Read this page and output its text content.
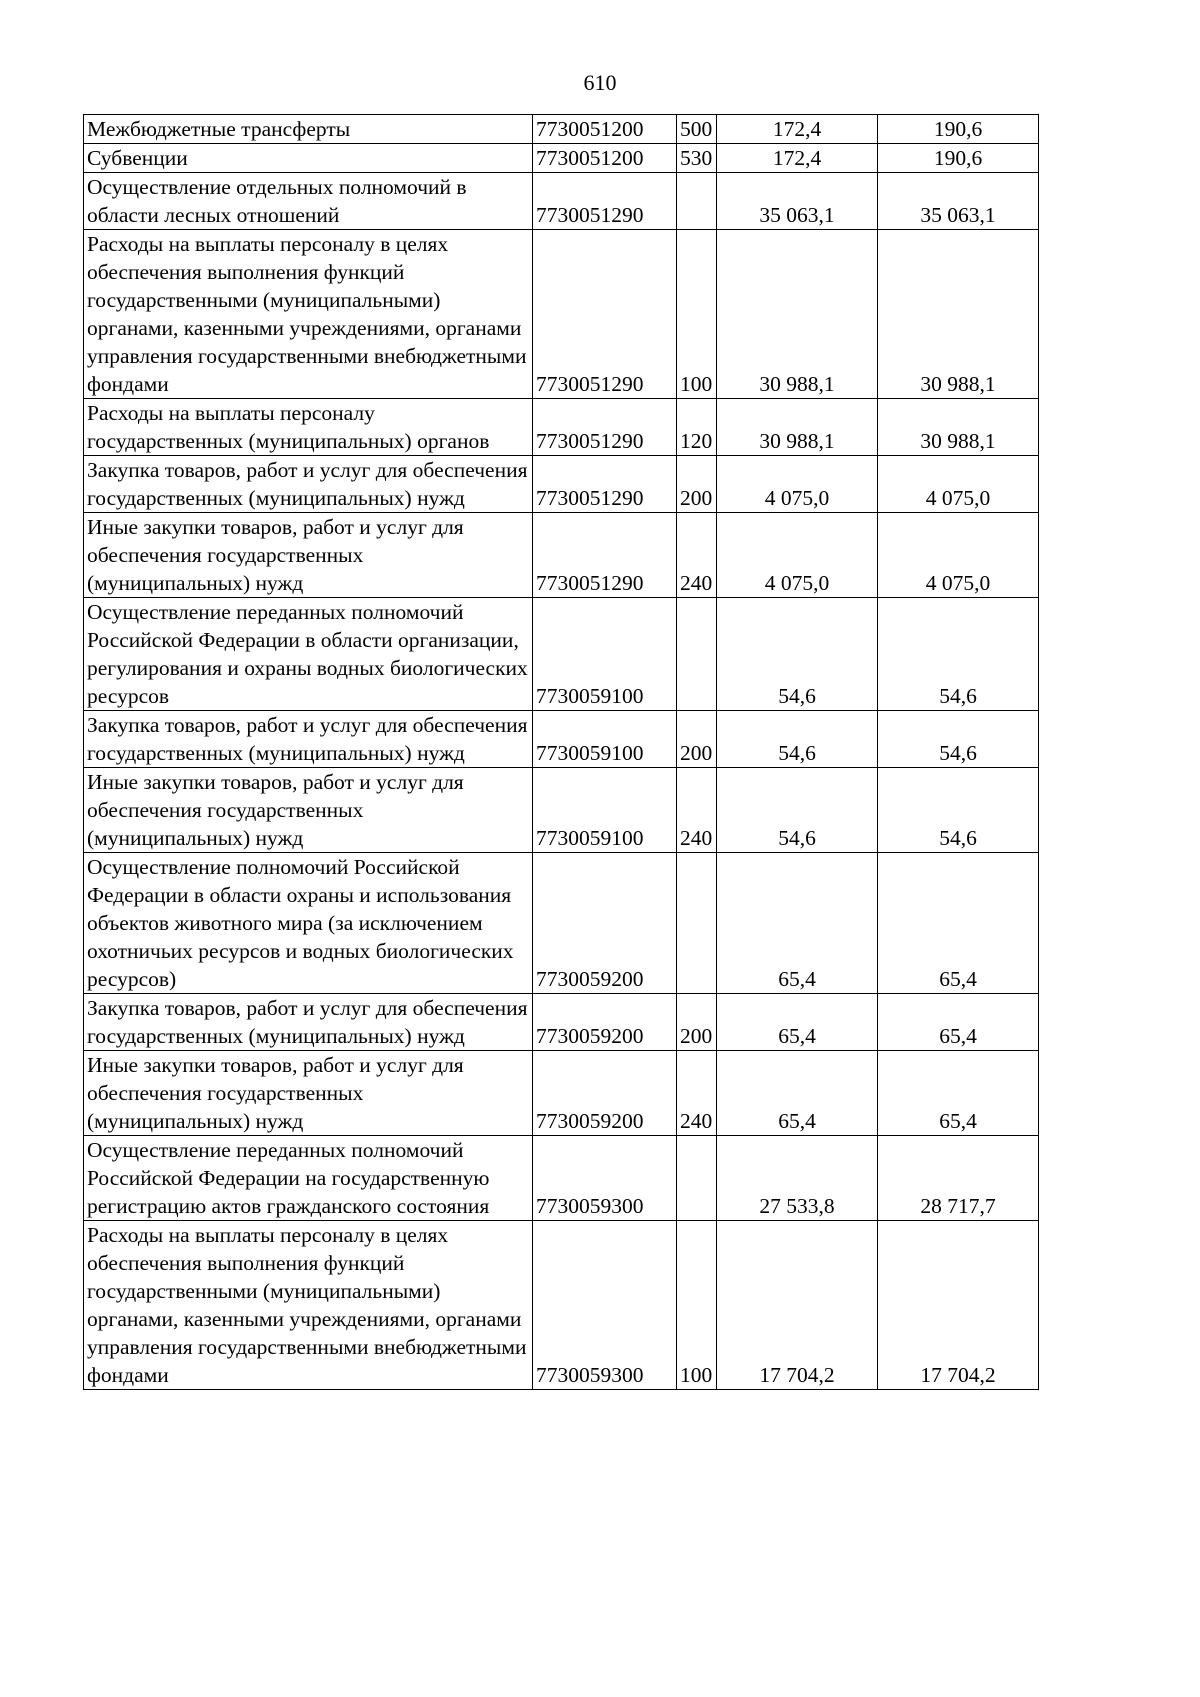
610
Межбюджетные трансферты	7730051200	500	172,4	190,6
Субвенции	7730051200	530	172,4	190,6
Осуществление отдельных полномочий в области лесных отношений	7730051290		35 063,1	35 063,1
Расходы на выплаты персоналу в целях обеспечения выполнения функций государственными (муниципальными) органами, казенными учреждениями, органами управления государственными внебюджетными фондами	7730051290	100	30 988,1	30 988,1
Расходы на выплаты персоналу государственных (муниципальных) органов	7730051290	120	30 988,1	30 988,1
Закупка товаров, работ и услуг для обеспечения государственных (муниципальных) нужд	7730051290	200	4 075,0	4 075,0
Иные закупки товаров, работ и услуг для обеспечения государственных (муниципальных) нужд	7730051290	240	4 075,0	4 075,0
Осуществление переданных полномочий Российской Федерации в области организации, регулирования и охраны водных биологических ресурсов	7730059100		54,6	54,6
Закупка товаров, работ и услуг для обеспечения государственных (муниципальных) нужд	7730059100	200	54,6	54,6
Иные закупки товаров, работ и услуг для обеспечения государственных (муниципальных) нужд	7730059100	240	54,6	54,6
Осуществление полномочий Российской Федерации в области охраны и использования объектов животного мира (за исключением охотничьих ресурсов и водных биологических ресурсов)	7730059200		65,4	65,4
Закупка товаров, работ и услуг для обеспечения государственных (муниципальных) нужд	7730059200	200	65,4	65,4
Иные закупки товаров, работ и услуг для обеспечения государственных (муниципальных) нужд	7730059200	240	65,4	65,4
Осуществление переданных полномочий Российской Федерации на государственную регистрацию актов гражданского состояния	7730059300		27 533,8	28 717,7
Расходы на выплаты персоналу в целях обеспечения выполнения функций государственными (муниципальными) органами, казенными учреждениями, органами управления государственными внебюджетными фондами	7730059300	100	17 704,2	17 704,2
